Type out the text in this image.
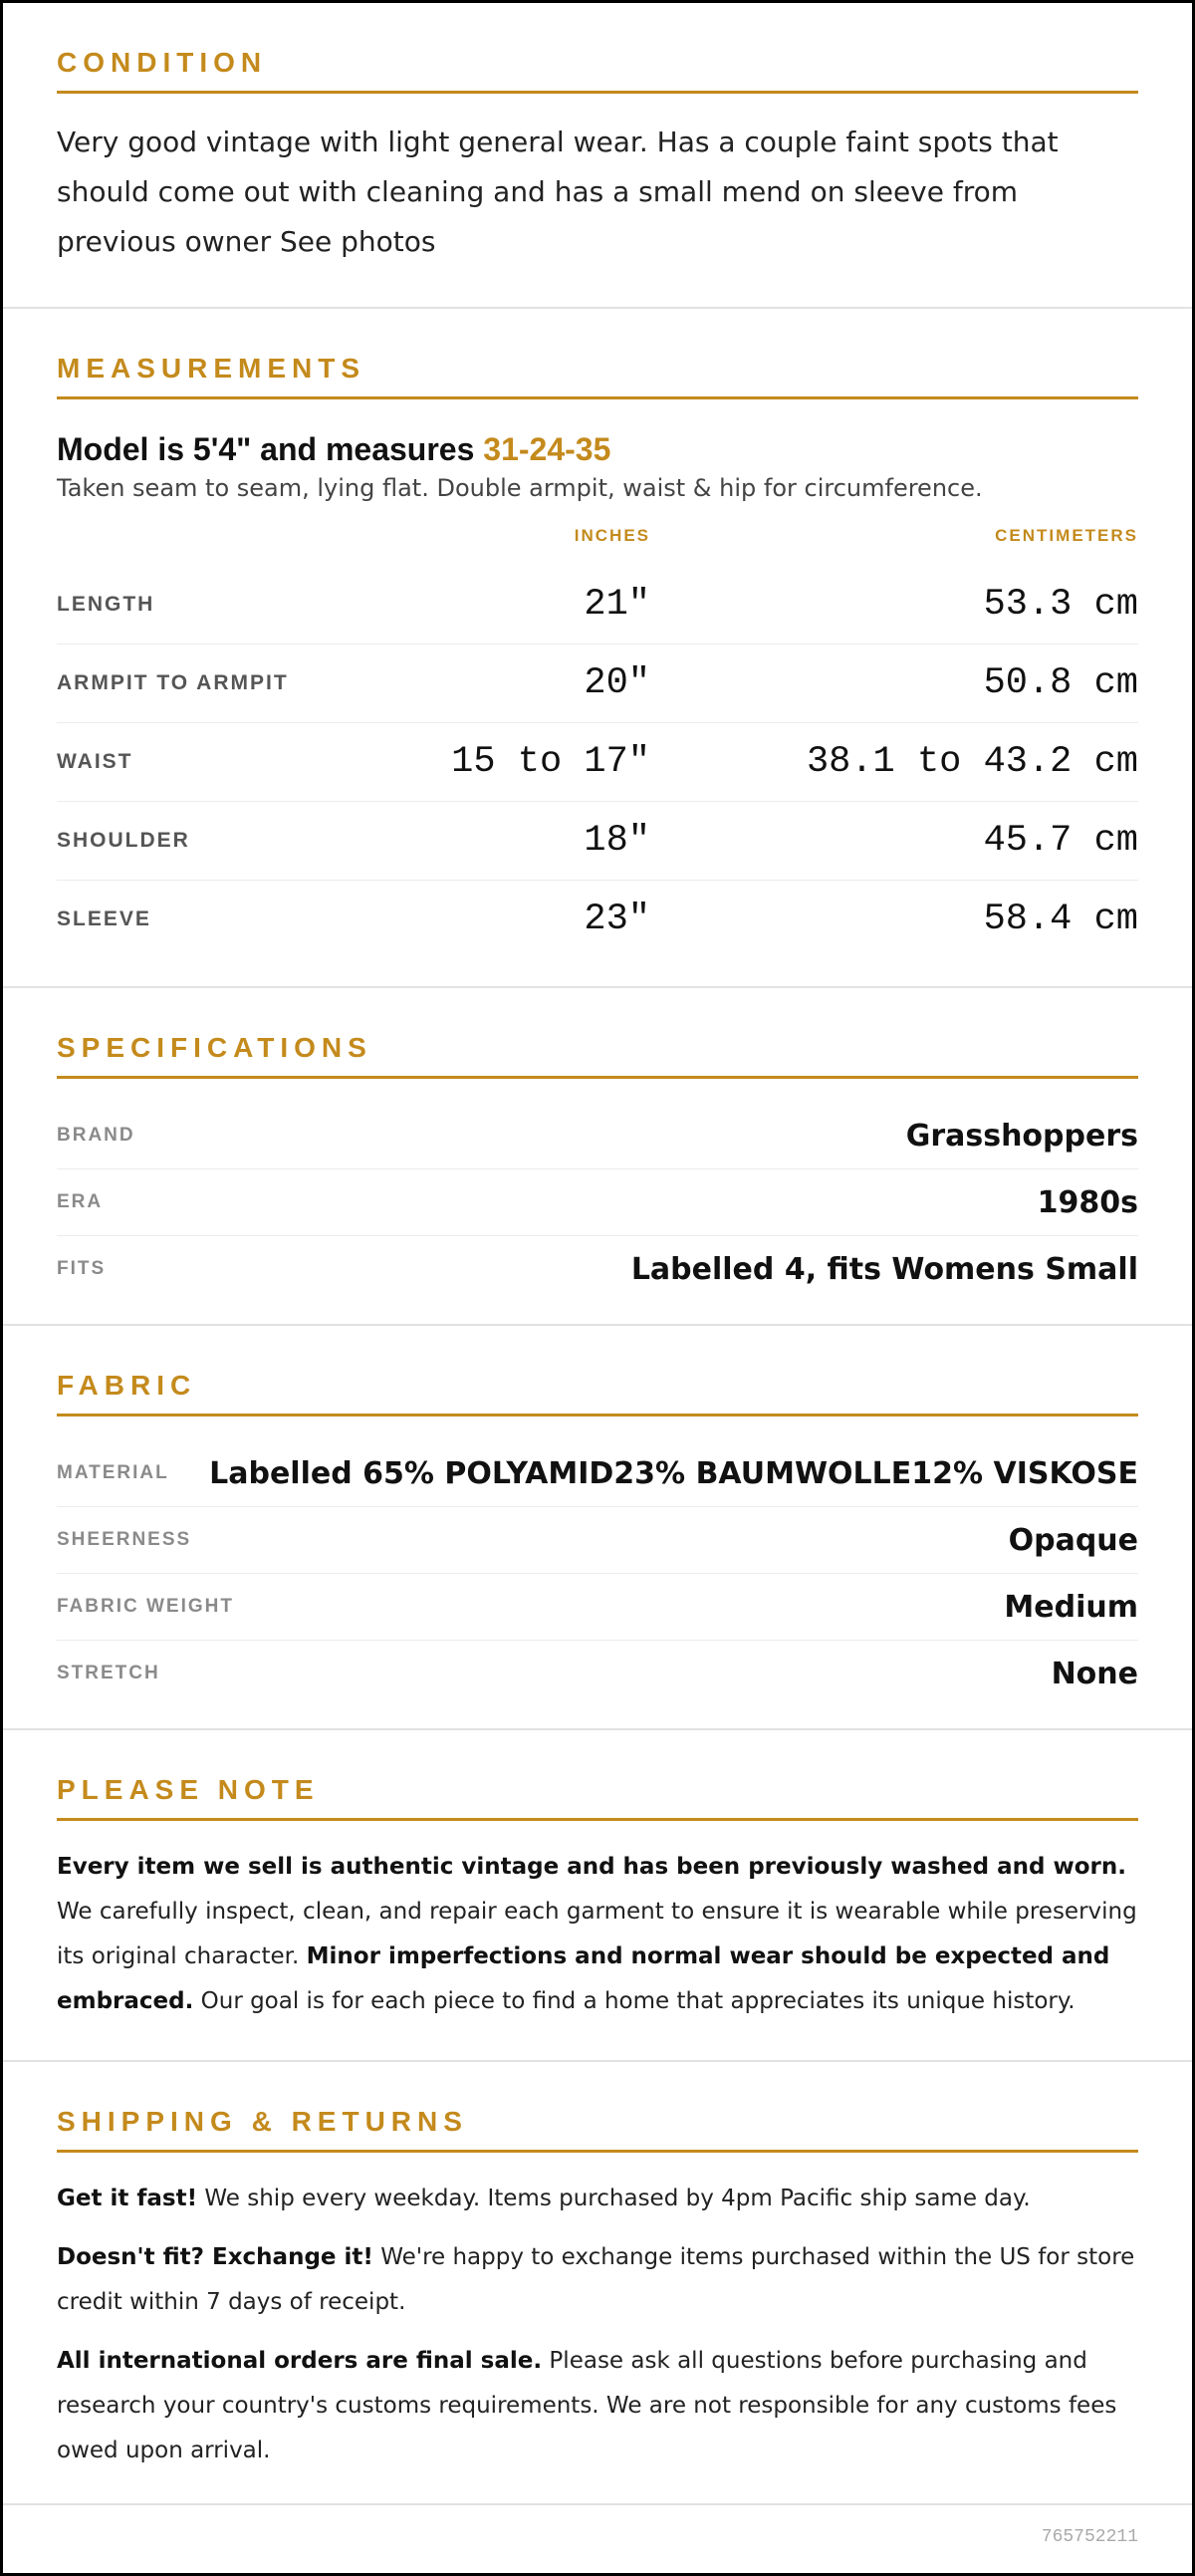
CONDITION

Very good vintage with light general wear. Has a couple faint spots that should come out with cleaning and has a small mend on sleeve from previous owner See photos

MEASUREMENTS
Model is 5'4" and measures 31-24-35

Taken seam to seam, lying flat. Double armpit, waist & hip for circumference.

INCHES	CENTIMETERS
LENGTH	21"	53.3 cm
ARMPIT TO ARMPIT	20"	50.8 cm
WAIST	15 to 17"	38.1 to 43.2 cm
SHOULDER	18"	45.7 cm
SLEEVE	23"	58.4 cm
SPECIFICATIONS
BRAND	Grasshoppers
ERA	1980s
FITS	Labelled 4, fits Womens Small
FABRIC
MATERIAL Labelled 65% POLYAMID23% BAUMWOLLE12% VISKOSE
SHEERNESS	Opaque
FABRIC WEIGHT	Medium
STRETCH	None
PLEASE NOTE

Every item we sell is authentic vintage and has been previously washed and worn. We carefully inspect, clean, and repair each garment to ensure it is wearable while preserving its original character. Minor imperfections and normal wear should be expected and embraced. Our goal is for each piece to find a home that appreciates its unique history.

SHIPPING & RETURNS

Get it fast! We ship every weekday. Items purchased by 4pm Pacific ship same day.

Doesn't fit? Exchange it! We're happy to exchange items purchased within the US for store credit within 7 days of receipt.

All international orders are final sale. Please ask all questions before purchasing and research your country's customs requirements. We are not responsible for any customs fees owed upon arrival.

765752211
